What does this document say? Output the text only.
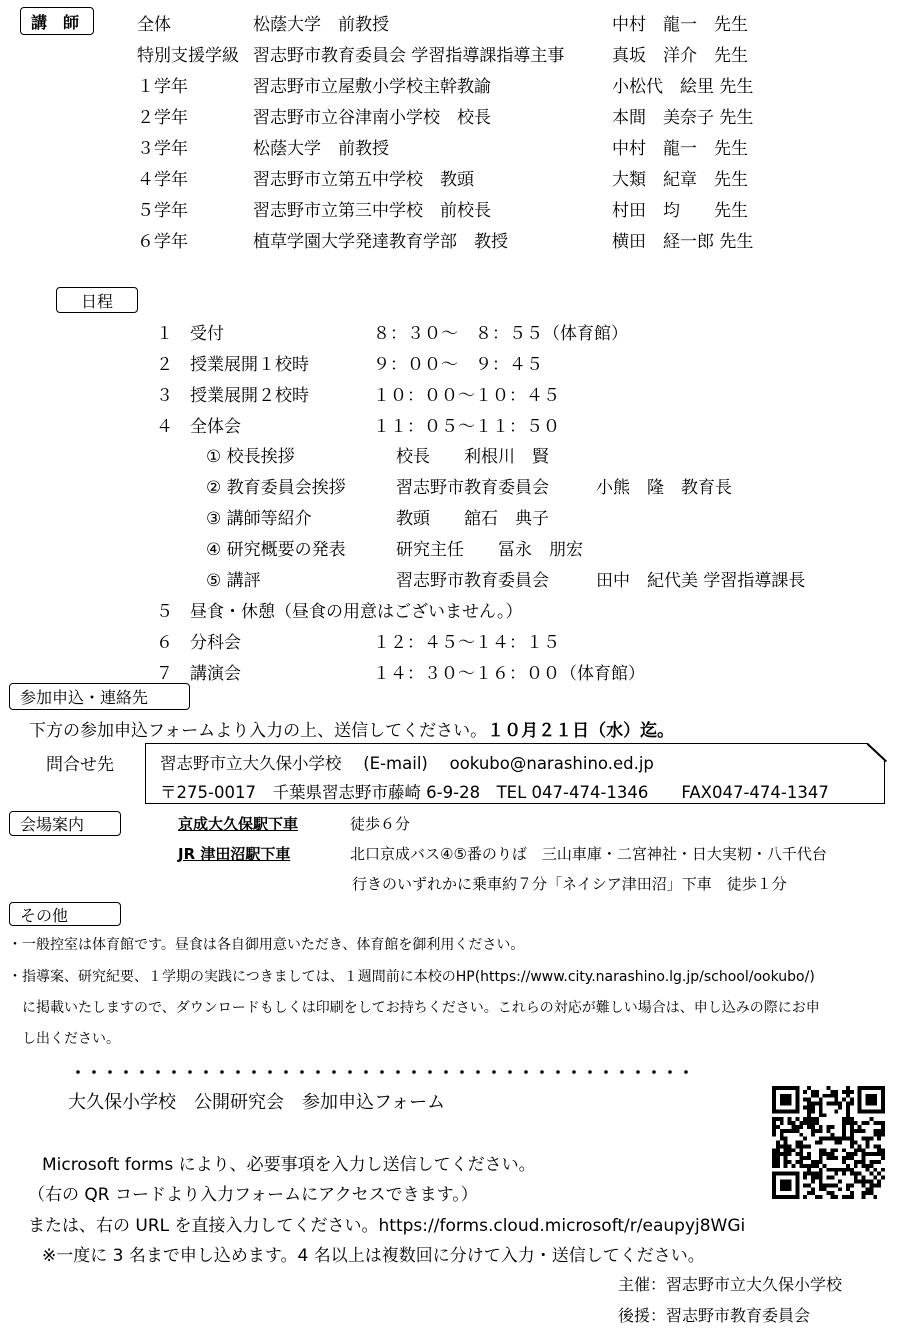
講　師	全体	松蔭大学　前教授	中村　龍一　先生
特別支援学級 習志野市教育委員会 学習指導課指導主事	真坂　洋介　先生
１学年	習志野市立屋敷小学校主幹教諭	小松代　絵里 先生
２学年	習志野市立谷津南小学校　校長	本間　美奈子 先生
３学年	松蔭大学　前教授	中村　龍一　先生
４学年	習志野市立第五中学校　教頭	大類　紀章　先生
５学年	習志野市立第三中学校　前校長	村田　均　　先生
６学年	植草学園大学発達教育学部　教授	横田　経一郎 先生
日程
１ 受付	８：３０～　８：５５（体育館）
２ 授業展開１校時	９：００～　９：４５
３ 授業展開２校時	１０：００～１０：４５
４ 全体会	１１：０５～１１：５０
① 校長挨拶	校長　　利根川　賢
② 教育委員会挨拶	習志野市教育委員会	小熊　隆　教育長
③ 講師等紹介	教頭　　舘石　典子
④ 研究概要の発表	研究主任　　冨永　朋宏
⑤ 講評	習志野市教育委員会	田中　紀代美 学習指導課長
５ 昼食・休憩（昼食の用意はございません。）
６ 分科会	１２：４５～１４：１５
７ 講演会	１４：３０～１６：００（体育館）
参加申込・連絡先
下方の参加申込フォームより入力の上、送信してください。１０月２１日（水）迄。
問合せ先	習志野市立大久保小学校　 (E-mail)　 ookubo@narashino.ed.jp
〒275-0017　千葉県習志野市藤崎 6-9-28　TEL 047-474-1346　　FAX047-474-1347
会場案内	京成大久保駅下車	徒歩６分
JR 津田沼駅下車	北口京成バス④⑤番のりば　三山車庫・二宮神社・日大実籾・八千代台
行きのいずれかに乗車約７分「ネイシア津田沼」下車　徒歩１分
その他
・一般控室は体育館です。昼食は各自御用意いただき、体育館を御利用ください。
・指導案、研究紀要、１学期の実践につきましては、１週間前に本校のHP(https://www.city.narashino.lg.jp/school/ookubo/)
に掲載いたしますので、ダウンロードもしくは印刷をしてお持ちください。これらの対応が難しい場合は、申し込みの際にお申
し出ください。
・・・・・・・・・・・・・・・・・・・・・・・・・・・・・・・・・・・・・・・
大久保小学校　公開研究会　参加申込フォーム
Microsoft forms により、必要事項を入力し送信してください。
（右の QR コードより入力フォームにアクセスできます。）
または、右の URL を直接入力してください。https://forms.cloud.microsoft/r/eaupyj8WGi
※一度に 3 名まで申し込めます。4 名以上は複数回に分けて入力・送信してください。
主催：習志野市立大久保小学校
後援：習志野市教育委員会
